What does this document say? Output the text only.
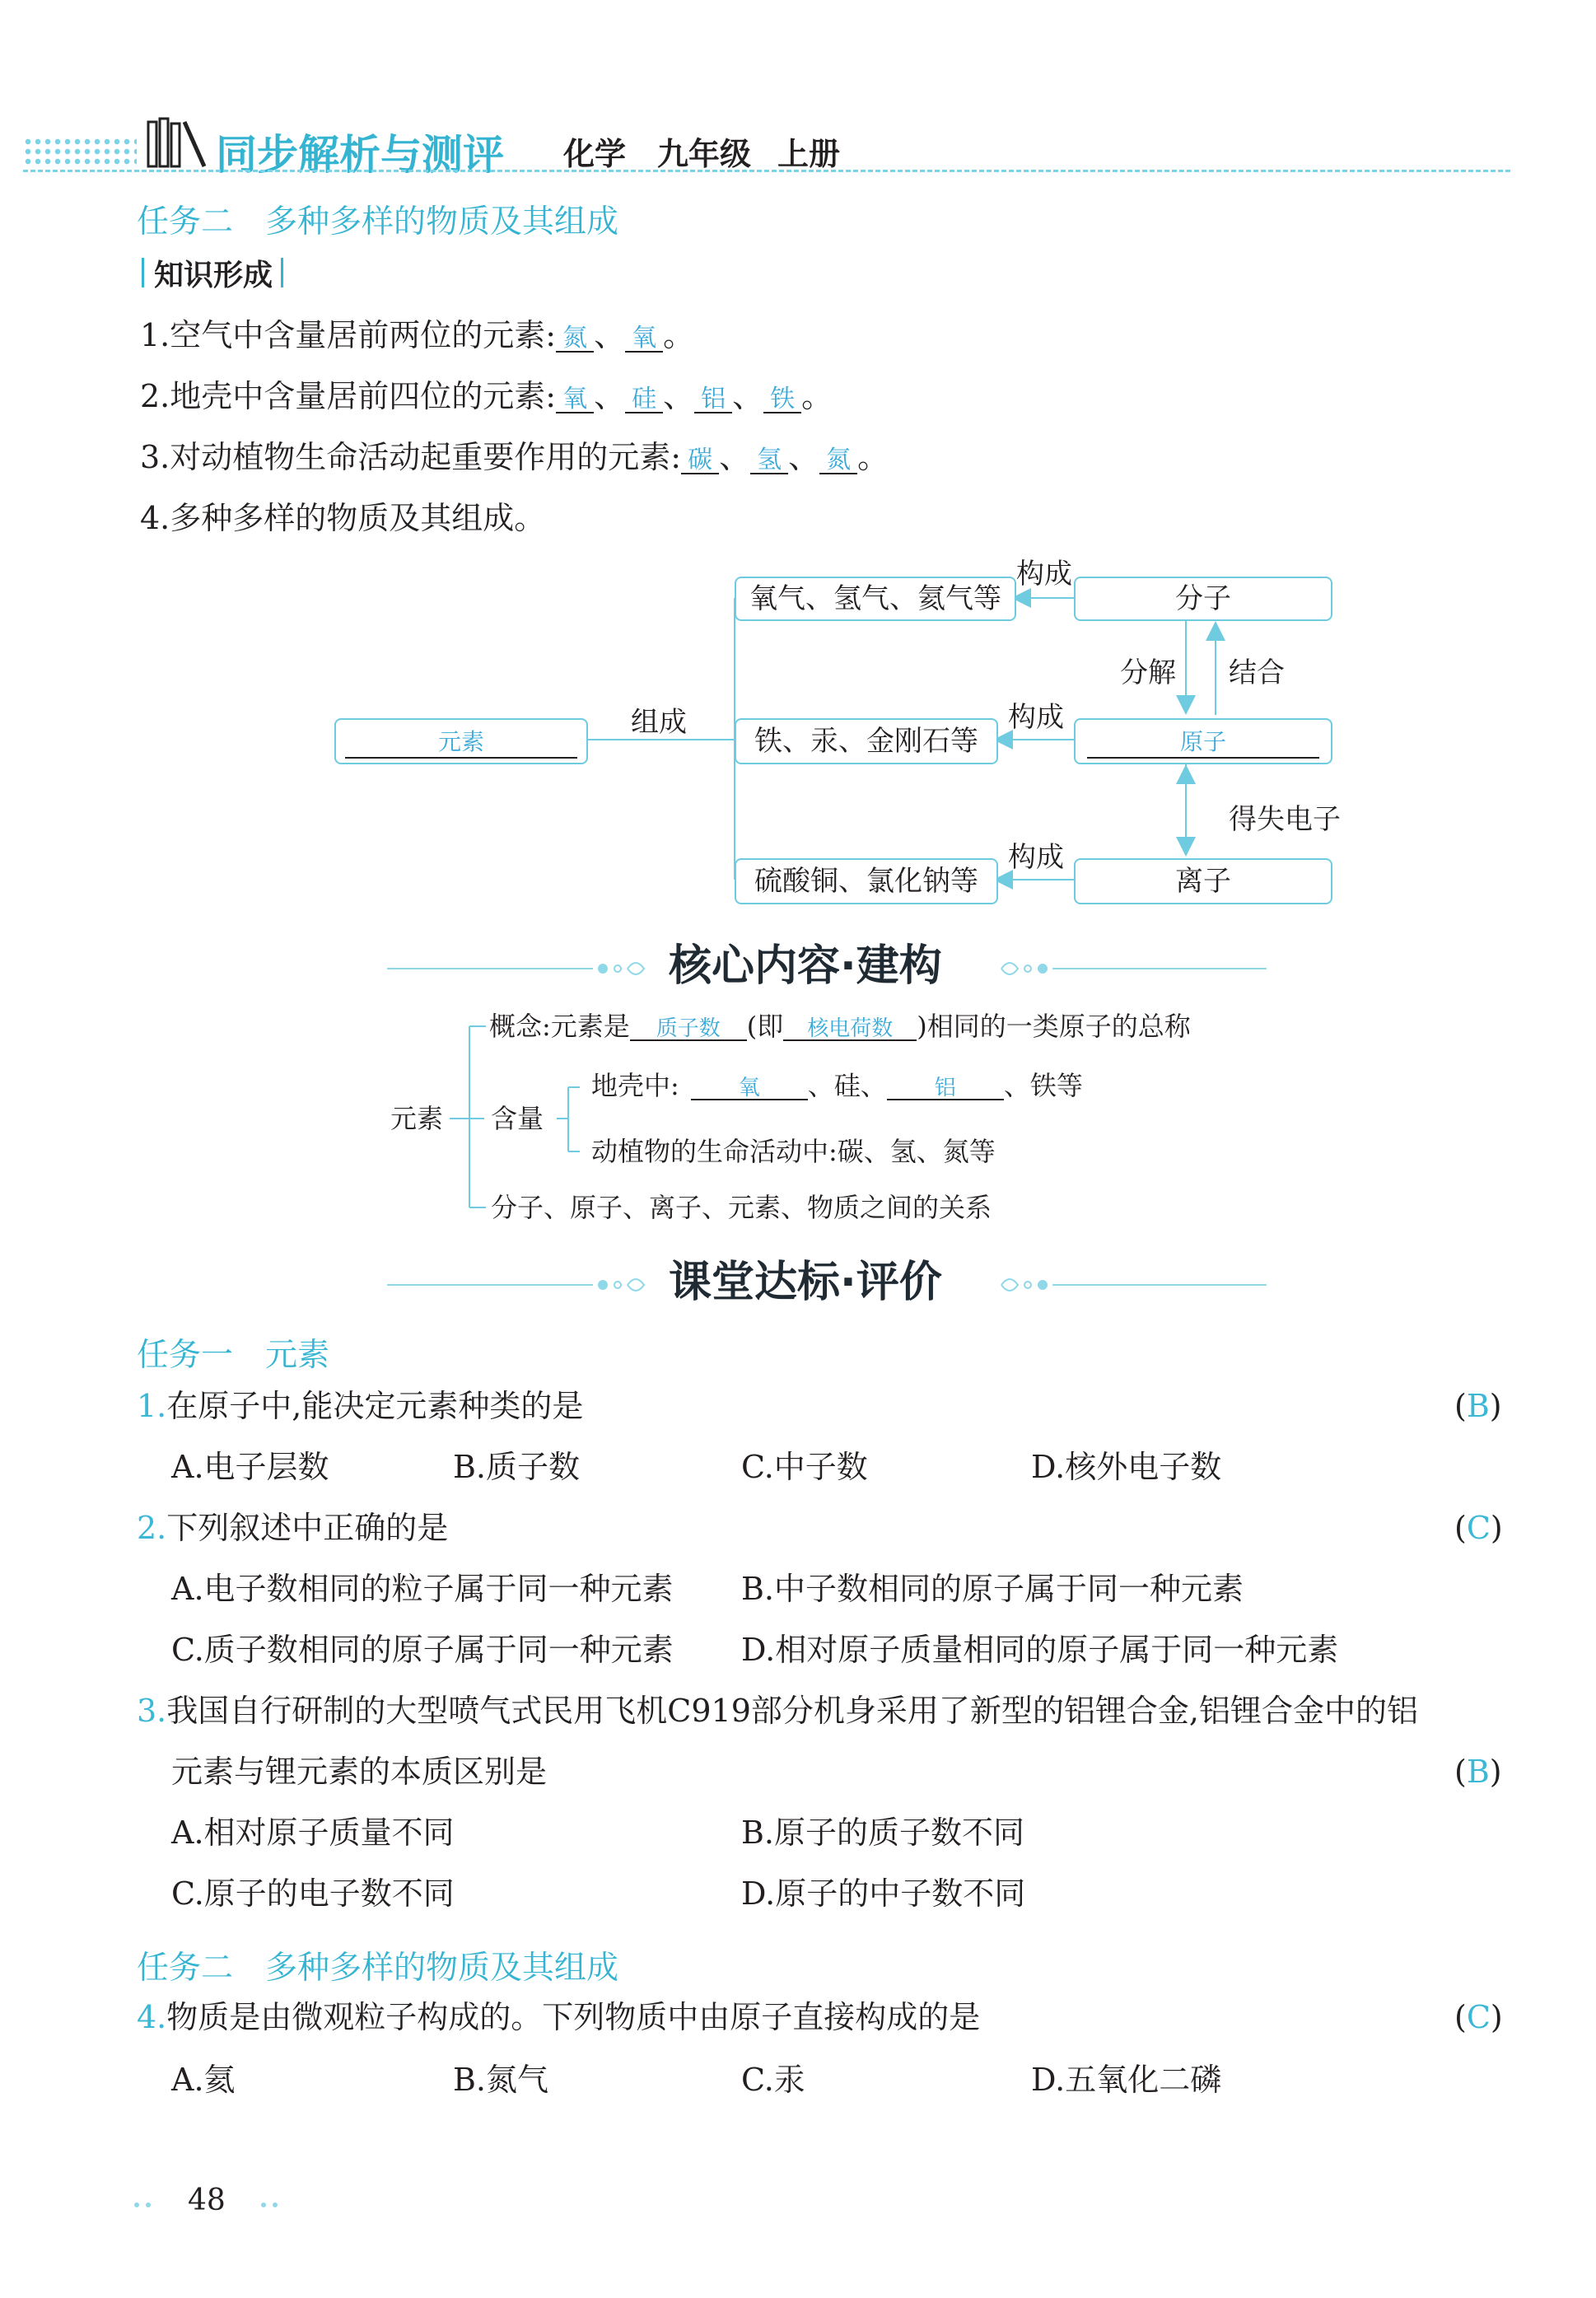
同步解析与测评 化学 九年级 上册
任务二　多种多样的物质及其组成
知识形成
1.空气中含量居前两位的元素: 氮 、 氧 。
2.地壳中含量居前四位的元素: 氧 、 硅 、 铝 、 铁 。
3.对动植物生命活动起重要作用的元素: 碳 、 氢 、 氮 。
4.多种多样的物质及其组成。
元素
组成
氧气、氢气、氦气等
构成
分子
分解 结合
铁、汞、金刚石等
构成
原子
得失电子
硫酸铜、氯化钠等
构成
离子
核心内容·建构
元素
概念:元素是 质子数 (即 核电荷数 )相同的一类原子的总称
含量
地壳中:	氧 、硅、 铝 、铁等
动植物的生命活动中:碳、氢、氮等
分子、原子、离子、元素、物质之间的关系
课堂达标·评价
任务一　元素
1.在原子中,能决定元素种类的是	(B)
A.电子层数	B.质子数	C.中子数	D.核外电子数
2.下列叙述中正确的是	(C)
A.电子数相同的粒子属于同一种元素 B.中子数相同的原子属于同一种元素
C.质子数相同的原子属于同一种元素 D.相对原子质量相同的原子属于同一种元素
3.我国自行研制的大型喷气式民用飞机C919部分机身采用了新型的铝锂合金,铝锂合金中的铝
元素与锂元素的本质区别是	(B)
A.相对原子质量不同	B.原子的质子数不同
C.原子的电子数不同	D.原子的中子数不同
任务二　多种多样的物质及其组成
4.物质是由微观粒子构成的。下列物质中由原子直接构成的是	(C)
A.氦	B.氮气	C.汞	D.五氧化二磷
48
